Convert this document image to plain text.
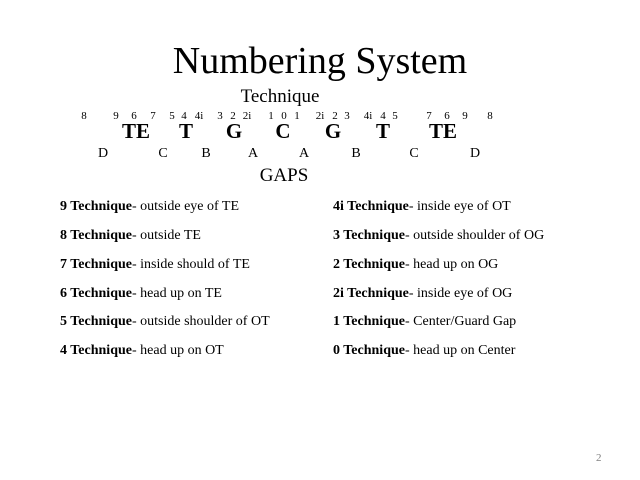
Numbering System
Technique
8 9 6 7 5 4 4i 3 2 2i 1 0 1 2i 2 3 4i 4 5	7 6 9 8
TE T G C G T TE
D	C B	A	A	B	C	D
GAPS
9 Technique- outside eye of TE
8 Technique- outside TE
7 Technique- inside should of TE
6 Technique- head up on TE
5 Technique- outside shoulder of OT
4 Technique- head up on OT
4i Technique- inside eye of OT
3 Technique- outside shoulder of OG
2 Technique- head up on OG
2i Technique- inside eye of OG
1 Technique- Center/Guard Gap
0 Technique- head up on Center
2
